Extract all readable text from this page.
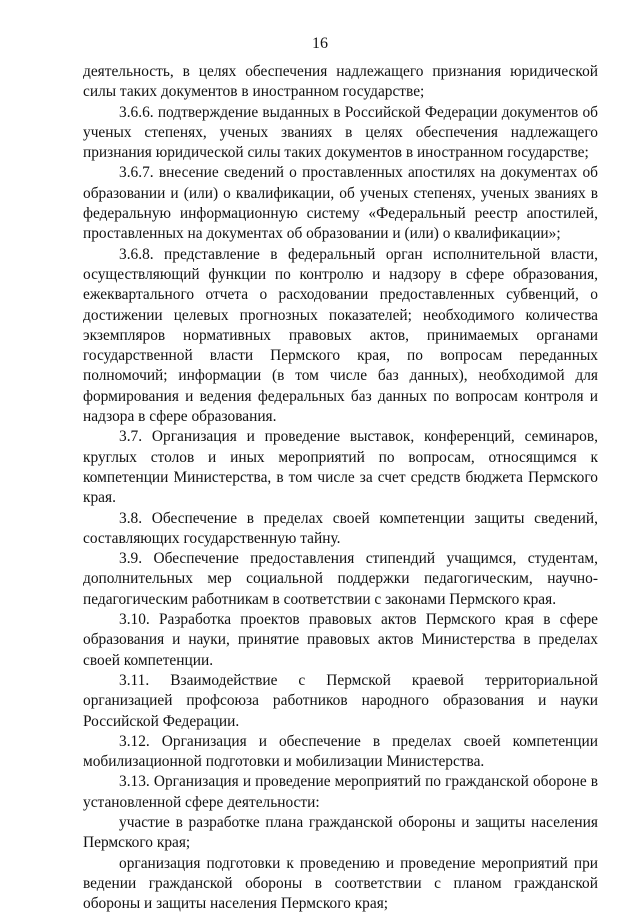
16

деятельность, в целях обеспечения надлежащего признания юридической силы таких документов в иностранном государстве;

3.6.6. подтверждение выданных в Российской Федерации документов об ученых степенях, ученых званиях в целях обеспечения надлежащего признания юридической силы таких документов в иностранном государстве;

3.6.7. внесение сведений о проставленных апостилях на документах об образовании и (или) о квалификации, об ученых степенях, ученых званиях в федеральную информационную систему «Федеральный реестр апостилей, проставленных на документах об образовании и (или) о квалификации»;

3.6.8. представление в федеральный орган исполнительной власти, осуществляющий функции по контролю и надзору в сфере образования, ежеквартального отчета о расходовании предоставленных субвенций, о достижении целевых прогнозных показателей; необходимого количества экземпляров нормативных правовых актов, принимаемых органами государственной власти Пермского края, по вопросам переданных полномочий; информации (в том числе баз данных), необходимой для формирования и ведения федеральных баз данных по вопросам контроля и надзора в сфере образования.

3.7. Организация и проведение выставок, конференций, семинаров, круглых столов и иных мероприятий по вопросам, относящимся к компетенции Министерства, в том числе за счет средств бюджета Пермского края.

3.8. Обеспечение в пределах своей компетенции защиты сведений, составляющих государственную тайну.

3.9. Обеспечение предоставления стипендий учащимся, студентам, дополнительных мер социальной поддержки педагогическим, научно-педагогическим работникам в соответствии с законами Пермского края.

3.10. Разработка проектов правовых актов Пермского края в сфере образования и науки, принятие правовых актов Министерства в пределах своей компетенции.

3.11. Взаимодействие с Пермской краевой территориальной организацией профсоюза работников народного образования и науки Российской Федерации.

3.12. Организация и обеспечение в пределах своей компетенции мобилизационной подготовки и мобилизации Министерства.

3.13. Организация и проведение мероприятий по гражданской обороне в установленной сфере деятельности:

участие в разработке плана гражданской обороны и защиты населения Пермского края;

организация подготовки к проведению и проведение мероприятий при ведении гражданской обороны в соответствии с планом гражданской обороны и защиты населения Пермского края;
